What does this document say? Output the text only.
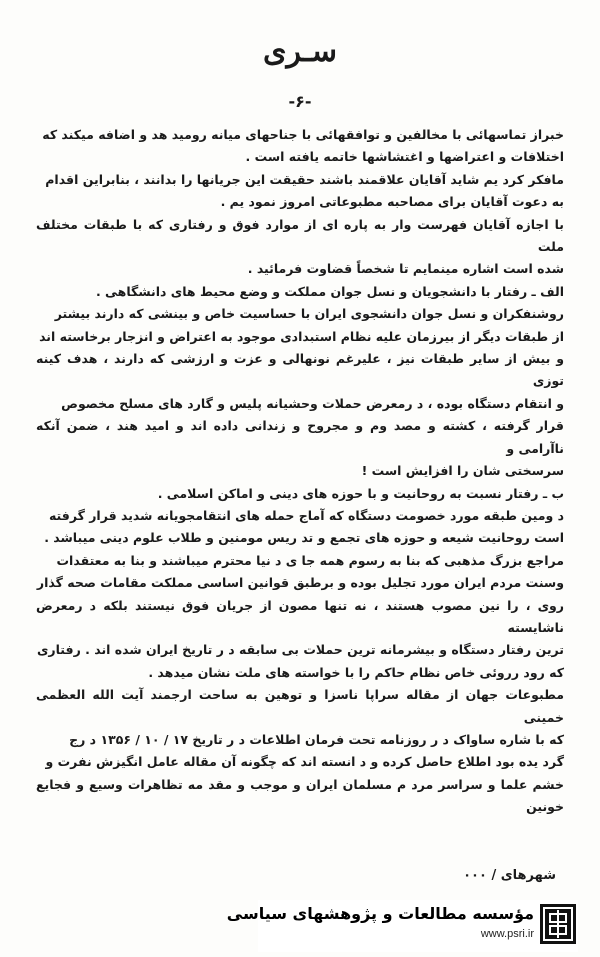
سـرى
-۶-

خبراز تماسهائی با مخالفین و توافقهائی با جناحهای میانه رومید هد و اضافه میکند که

اختلافات و اعتراضها و اغتشاشها خاتمه یافته است .

مافکر کرد یم شاید آقایان علاقمند باشند حقیقت این جریانها را بدانند ، بنابراین اقدام

به دعوت آقایان برای مصاحبه مطبوعاتی امروز نمود یم .

با اجازه آقایان فهرست وار به پاره ای از موارد فوق و رفتاری که با طبقات مختلف ملت

شده است اشاره مینمایم تا شخصاً قضاوت فرمائید .

الف ـ رفتار با دانشجویان و نسل جوان مملکت و وضع محیط های دانشگاهی .

روشنفکران و نسل جوان دانشجوی ایران با حساسیت خاص و بینشی که دارند بیشتر

از طبقات دیگر از بیرزمان علیه نظام استبدادی موجود به اعتراض و انزجار برخاسته اند

و بیش از سایر طبقات نیز ، علیرغم نونهالی و عزت و ارزشی که دارند ، هدف کینه توزی

و انتقام دستگاه بوده ، د رمعرض حملات وحشیانه پلیس و گارد های مسلح مخصوص

قرار گرفته ، کشته و مصد وم و مجروح و زندانی داده اند و امید هند ، ضمن آنکه ناآرامی و

سرسختی شان را افزایش است !

ب ـ رفتار نسبت به روحانیت و با حوزه های دینی و اماکن اسلامی .

د ومین طبقه مورد خصومت دستگاه که آماج حمله های انتقامجویانه شدید قرار گرفته

است روحانیت شیعه و حوزه های تجمع و تد ریس مومنین و طلاب علوم دینی میباشد .

مراجع بزرگ مذهبی که بنا به رسوم همه جا ی د نیا محترم میباشند و بنا به معتقدات

وسنت مردم ایران مورد تجلیل بوده و برطبق قوانین اساسی مملکت مقامات صحه گذار

روی ، را نین مصوب هستند ، نه تنها مصون از جریان فوق نیستند بلکه د رمعرض ناشایسته

ترین رفتار دستگاه و بیشرمانه ترین حملات بی سابقه د ر تاریخ ایران شده اند . رفتاری

که رود رروئی خاص نظام حاکم را با خواسته های ملت نشان میدهد .

مطبوعات جهان از مقاله سراپا ناسزا و توهین به ساحت ارجمند آیت الله العظمی خمینی

که با شاره ساواک د ر روزنامه تحت فرمان اطلاعات د ر تاریخ ۱۷ / ۱۰ / ۱۳۵۶ د رج

گرد یده بود اطلاع حاصل کرده و د انسته اند که چگونه آن مقاله عامل انگیزش نفرت و

خشم علما و سراسر مرد م مسلمان ایران و موجب و مقد مه تظاهرات وسیع و فجایع خونین

شهرهای / ۰۰۰
مؤسسه مطالعات و پژوهشهای سیاسی
www.psri.ir
